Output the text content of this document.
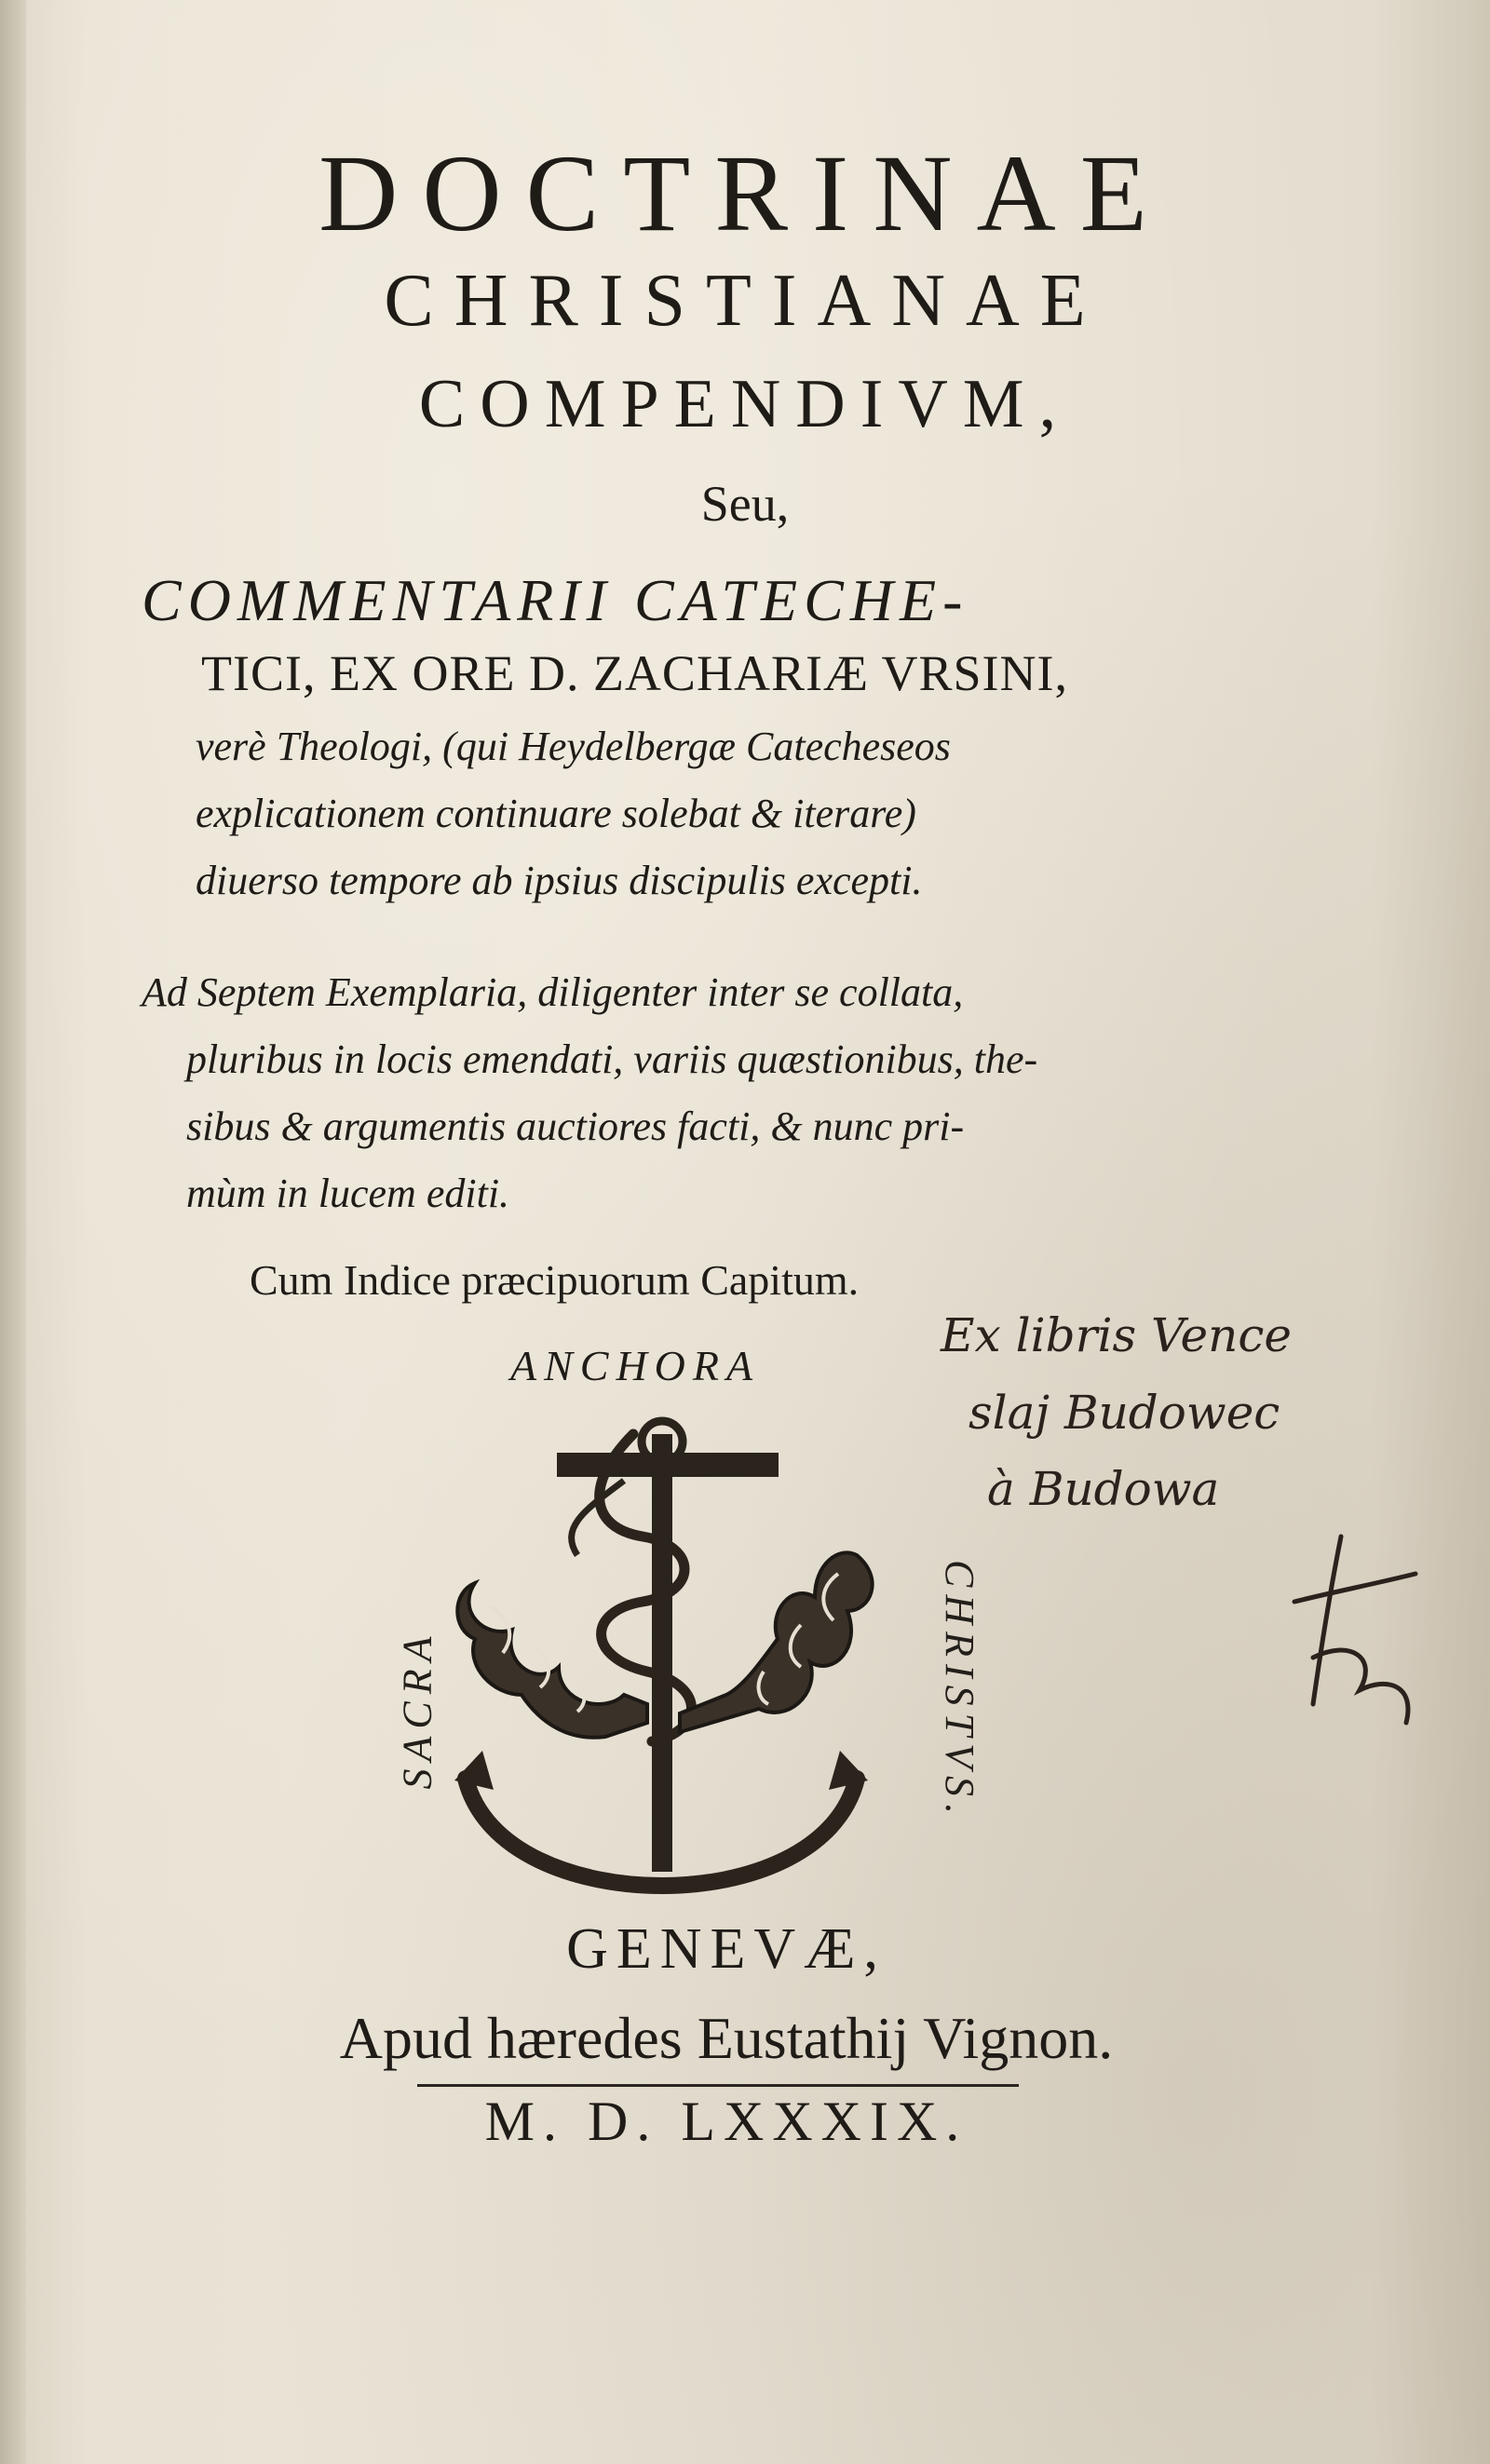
DOCTRINAE
CHRISTIANAE
COMPENDIVM,
Seu,
COMMENTARII CATECHE-
TICI, EX ORE D. ZACHARIÆ VRSINI,
verè Theologi, (qui Heydelbergæ Catecheseos
explicationem continuare solebat & iterare)
diuerso tempore ab ipsius discipulis excepti.
Ad Septem Exemplaria, diligenter inter se collata,
pluribus in locis emendati, variis quæstionibus, the-
sibus & argumentis auctiores facti, & nunc pri-
mùm in lucem editi.
Cum Indice præcipuorum Capitum.
ANCHORA
SACRA	CHRISTVS.
Ex libris Vence
slaj Budowec
à Budowa
GENEVÆ,
Apud hæredes Eustathij Vignon.
M. D. LXXXIX.
